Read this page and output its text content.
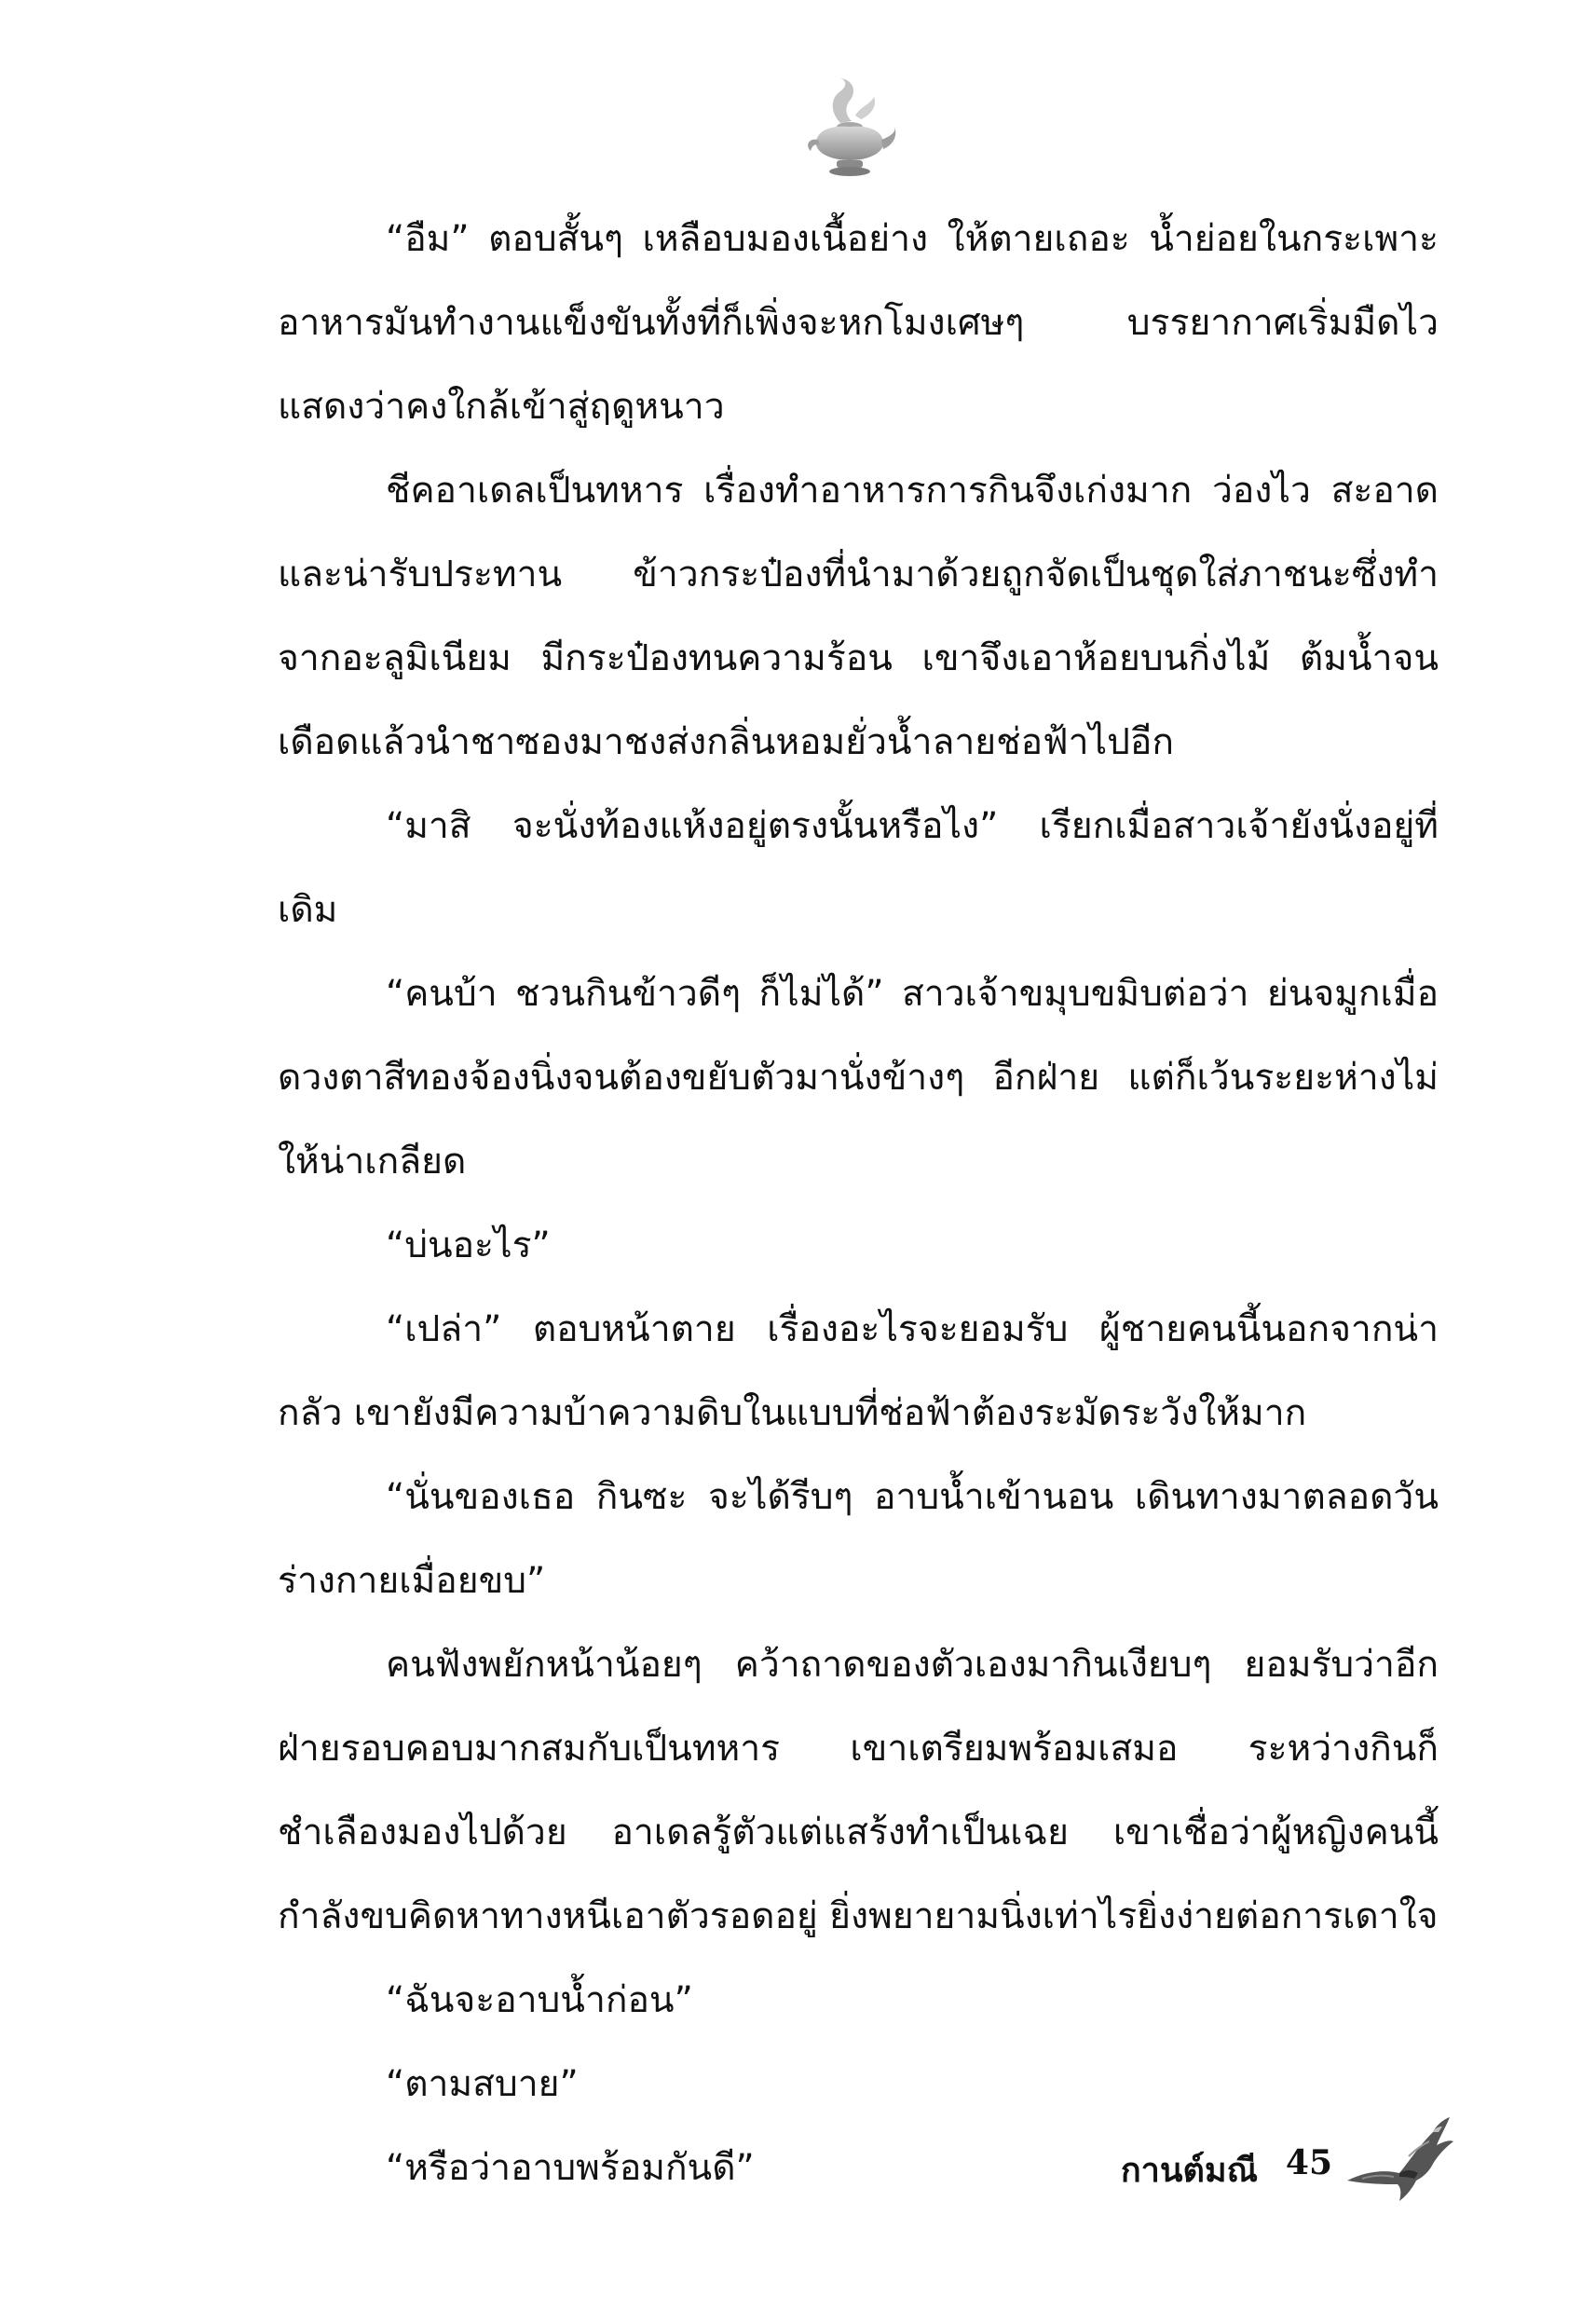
“อืม” ตอบสั้นๆ เหลือบมองเนื้อย่าง ให้ตายเถอะ น้ำย่อยในกระเพาะอาหารมันทำงานแข็งขันทั้งที่ก็เพิ่งจะหกโมงเศษๆ บรรยากาศเริ่มมืดไว แสดงว่าคงใกล้เข้าสู่ฤดูหนาว

ชีคอาเดลเป็นทหาร เรื่องทำอาหารการกินจึงเก่งมาก ว่องไว สะอาด และน่ารับประทาน ข้าวกระป๋องที่นำมาด้วยถูกจัดเป็นชุดใส่ภาชนะซึ่งทำจากอะลูมิเนียม มีกระป๋องทนความร้อน เขาจึงเอาห้อยบนกิ่งไม้ ต้มน้ำจนเดือดแล้วนำชาซองมาชงส่งกลิ่นหอมยั่วน้ำลายช่อฟ้าไปอีก

“มาสิ จะนั่งท้องแห้งอยู่ตรงนั้นหรือไง” เรียกเมื่อสาวเจ้ายังนั่งอยู่ที่เดิม

“คนบ้า ชวนกินข้าวดีๆ ก็ไม่ได้” สาวเจ้าขมุบขมิบต่อว่า ย่นจมูกเมื่อดวงตาสีทองจ้องนิ่งจนต้องขยับตัวมานั่งข้างๆ อีกฝ่าย แต่ก็เว้นระยะห่างไม่ให้น่าเกลียด

“บ่นอะไร”

“เปล่า” ตอบหน้าตาย เรื่องอะไรจะยอมรับ ผู้ชายคนนี้นอกจากน่ากลัว เขายังมีความบ้าความดิบในแบบที่ช่อฟ้าต้องระมัดระวังให้มาก

“นั่นของเธอ กินซะ จะได้รีบๆ อาบน้ำเข้านอน เดินทางมาตลอดวัน ร่างกายเมื่อยขบ”

คนฟังพยักหน้าน้อยๆ คว้าถาดของตัวเองมากินเงียบๆ ยอมรับว่าอีกฝ่ายรอบคอบมากสมกับเป็นทหาร เขาเตรียมพร้อมเสมอ ระหว่างกินก็ชำเลืองมองไปด้วย อาเดลรู้ตัวแต่แสร้งทำเป็นเฉย เขาเชื่อว่าผู้หญิงคนนี้กำลังขบคิดหาทางหนีเอาตัวรอดอยู่ ยิ่งพยายามนิ่งเท่าไรยิ่งง่ายต่อการเดาใจ

“ฉันจะอาบน้ำก่อน”

“ตามสบาย”

“หรือว่าอาบพร้อมกันดี”	กานต์มณี 45
